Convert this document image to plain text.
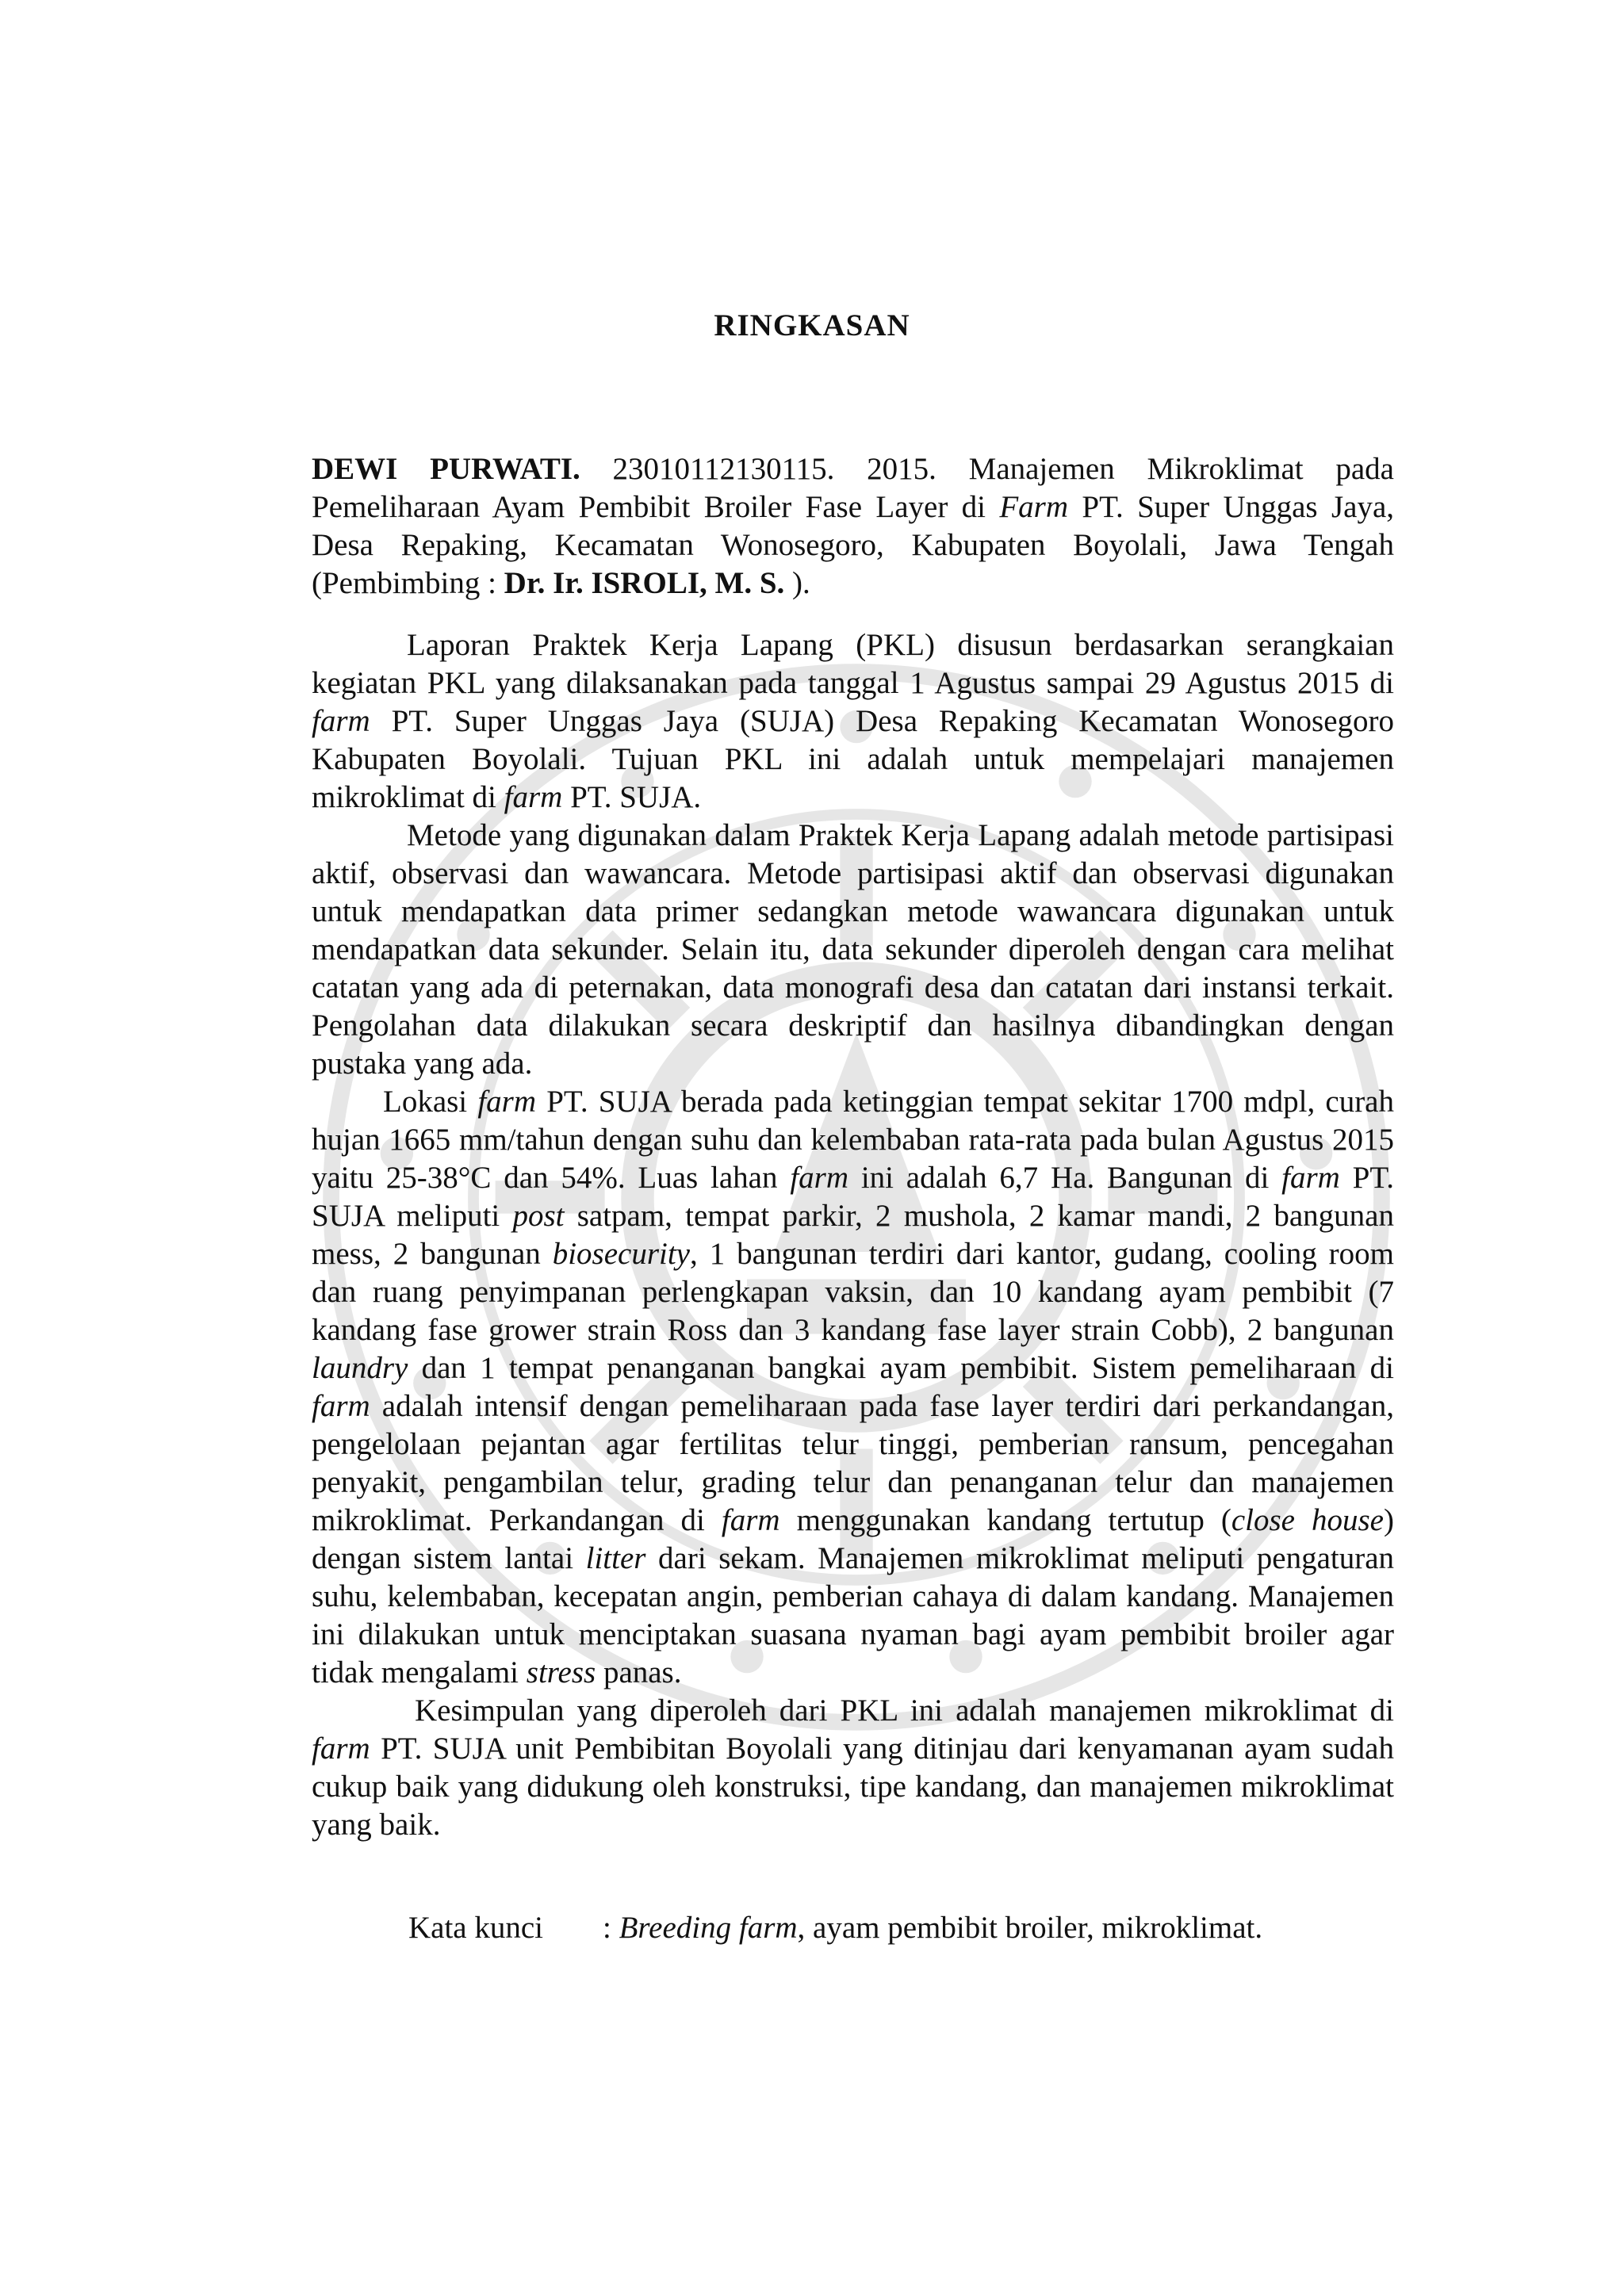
RINGKASAN
DEWI PURWATI. 23010112130115. 2015. Manajemen Mikroklimat pada Pemeliharaan Ayam Pembibit Broiler Fase Layer di Farm PT. Super Unggas Jaya, Desa Repaking, Kecamatan Wonosegoro, Kabupaten Boyolali, Jawa Tengah (Pembimbing : Dr. Ir. ISROLI, M. S. ).

Laporan Praktek Kerja Lapang (PKL) disusun berdasarkan serangkaian kegiatan PKL yang dilaksanakan pada tanggal 1 Agustus sampai 29 Agustus 2015 di farm PT. Super Unggas Jaya (SUJA) Desa Repaking Kecamatan Wonosegoro Kabupaten Boyolali. Tujuan PKL ini adalah untuk mempelajari manajemen mikroklimat di farm PT. SUJA.

Metode yang digunakan dalam Praktek Kerja Lapang adalah metode partisipasi aktif, observasi dan wawancara. Metode partisipasi aktif dan observasi digunakan untuk mendapatkan data primer sedangkan metode wawancara digunakan untuk mendapatkan data sekunder. Selain itu, data sekunder diperoleh dengan cara melihat catatan yang ada di peternakan, data monografi desa dan catatan dari instansi terkait. Pengolahan data dilakukan secara deskriptif dan hasilnya dibandingkan dengan pustaka yang ada.

Lokasi farm PT. SUJA berada pada ketinggian tempat sekitar 1700 mdpl, curah hujan 1665 mm/tahun dengan suhu dan kelembaban rata-rata pada bulan Agustus 2015 yaitu 25-38°C dan 54%. Luas lahan farm ini adalah 6,7 Ha. Bangunan di farm PT. SUJA meliputi post satpam, tempat parkir, 2 mushola, 2 kamar mandi, 2 bangunan mess, 2 bangunan biosecurity, 1 bangunan terdiri dari kantor, gudang, cooling room dan ruang penyimpanan perlengkapan vaksin, dan 10 kandang ayam pembibit (7 kandang fase grower strain Ross dan 3 kandang fase layer strain Cobb), 2 bangunan laundry dan 1 tempat penanganan bangkai ayam pembibit. Sistem pemeliharaan di farm adalah intensif dengan pemeliharaan pada fase layer terdiri dari perkandangan, pengelolaan pejantan agar fertilitas telur tinggi, pemberian ransum, pencegahan penyakit, pengambilan telur, grading telur dan penanganan telur dan manajemen mikroklimat. Perkandangan di farm menggunakan kandang tertutup (close house) dengan sistem lantai litter dari sekam. Manajemen mikroklimat meliputi pengaturan suhu, kelembaban, kecepatan angin, pemberian cahaya di dalam kandang. Manajemen ini dilakukan untuk menciptakan suasana nyaman bagi ayam pembibit broiler agar tidak mengalami stress panas.

Kesimpulan yang diperoleh dari PKL ini adalah manajemen mikroklimat di farm PT. SUJA unit Pembibitan Boyolali yang ditinjau dari kenyamanan ayam sudah cukup baik yang didukung oleh konstruksi, tipe kandang, dan manajemen mikroklimat yang baik.

Kata kunci : Breeding farm, ayam pembibit broiler, mikroklimat.
